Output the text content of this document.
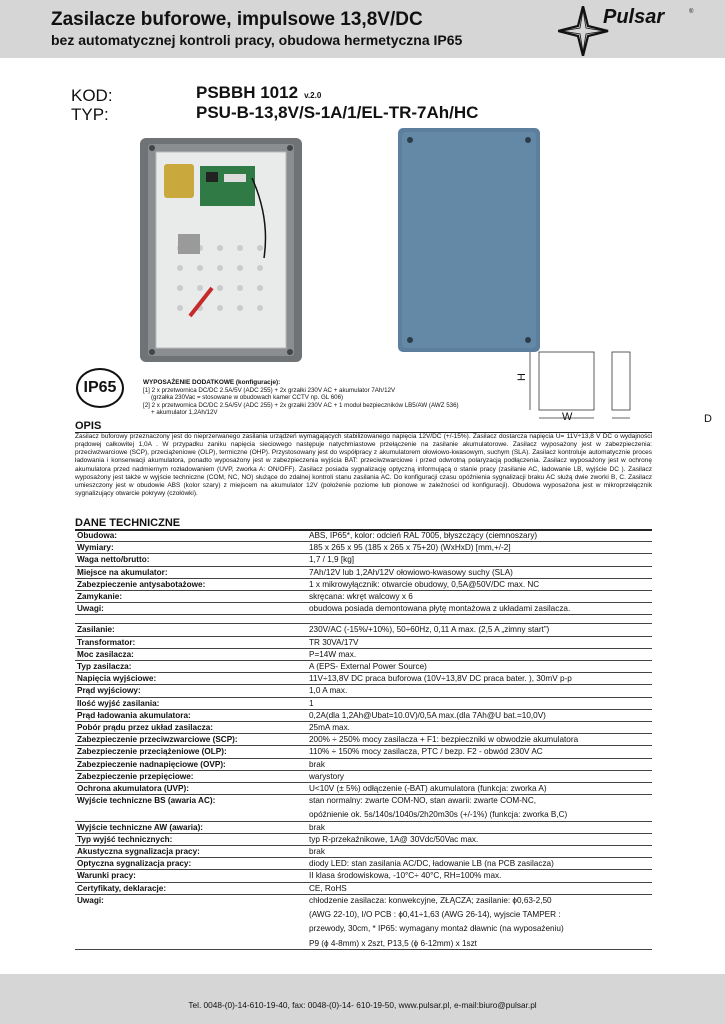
Zasilacze buforowe, impulsowe 13,8V/DC
bez automatycznej kontroli pracy, obudowa hermetyczna IP65
Pulsar	®
KOD:
TYP:
PSBBH 1012 v.2.0
PSU-B-13,8V/S-1A/1/EL-TR-7Ah/HC
H
W	D
IP65	WYPOSAŻENIE DODATKOWE (konfiguracje):
[1] 2 x przetwornica DC/DC 2.5A/5V (ADC 255) + 2x grzałki 230V AC + akumulator 7Ah/12V
(grzałka 230Vac = stosowane w obudowach kamer CCTV np. GL 606)
[2] 2 x przetwornica DC/DC 2.5A/5V (ADC 255) + 2x grzałki 230V AC + 1 moduł bezpieczników LB5/AW (AWZ 536)
+ akumulator 1,2Ah/12V
OPIS
Zasilacz buforowy przeznaczony jest do nieprzerwanego zasilania urządzeń wymagających stabilizowanego napięcia 12V/DC (+/-15%). Zasilacz dostarcza napięcia U= 11V÷13,8 V DC o wydajności prądowej całkowitej 1,0A . W przypadku zaniku napięcia sieciowego następuje natychmiastowe przełączenie na zasilanie akumulatorowe. Zasilacz wyposażony jest w zabezpieczenia: przeciwzwarciowe (SCP), przeciążeniowe (OLP), termiczne (OHP). Przystosowany jest do współpracy z akumulatorem ołowiowo-kwasowym, suchym (SLA). Zasilacz kontroluje automatycznie proces ładowania i konserwacji akumulatora, ponadto wyposażony jest w zabezpieczenia wyjścia BAT: przeciwzwarciowe i przed odwrotną polaryzacją podłączenia. Zasilacz wyposażony jest w ochronę akumulatora przed nadmiernym rozładowaniem (UVP, zworka A: ON/OFF). Zasilacz posiada sygnalizację optyczną informującą o stanie pracy (zasilanie AC, ładowanie LB, wyjście DC ). Zasilacz wyposażony jest także w wyjście techniczne (COM, NC, NO) służące do zdalnej kontroli stanu zasilania AC. Do konfiguracji czasu opóźnienia sygnalizacji braku AC służą dwie zworki B, C. Zasilacz umieszczony jest w obudowie ABS (kolor szary) z miejscem na akumulator 12V (położenie poziome lub pionowe w zależności od konfiguracji). Obudowa wyposażona jest w mikroprzełącznik sygnalizujący otwarcie pokrywy (czołówki).
DANE TECHNICZNE
Obudowa:	ABS, IP65*, kolor: odcień RAL 7005, błyszczący (ciemnoszary)

Wymiary:	185 x 265 x 95 (185 x 265 x 75+20) (WxHxD) [mm,+/-2]

Waga netto/brutto:	1,7 / 1,9 [kg]

Miejsce na akumulator:	7Ah/12V lub 1,2Ah/12V ołowiowo-kwasowy suchy (SLA)

Zabezpieczenie antysabotażowe:	1 x mikrowyłącznik: otwarcie obudowy, 0,5A@50V/DC max. NC

Zamykanie:	skręcana: wkręt walcowy x 6

Uwagi:	obudowa posiada demontowana płytę montażowa z układami zasilacza.

Zasilanie:	230V/AC (-15%/+10%), 50÷60Hz, 0,11 A max. (2,5 A „zimny start”)

Transformator:	TR 30VA/17V

Moc zasilacza:	P=14W max.

Typ zasilacza:	A (EPS- External Power Source)

Napięcia wyjściowe:	11V÷13,8V DC praca buforowa (10V÷13,8V DC praca bater. ), 30mV p-p

Prąd wyjściowy:	1,0 A max.

Ilość wyjść zasilania:	1

Prąd ładowania akumulatora:	0,2A(dla 1,2Ah@Ubat=10.0V)/0,5A max.(dla 7Ah@U bat.=10,0V)

Pobór prądu przez układ zasilacza:	25mA max.

Zabezpieczenie przeciwzwarciowe (SCP):	200% ÷ 250% mocy zasilacza + F1: bezpieczniki w obwodzie akumulatora

Zabezpieczenie przeciążeniowe (OLP):	110% ÷ 150% mocy zasilacza, PTC / bezp. F2 - obwód 230V AC

Zabezpieczenie nadnapięciowe (OVP):	brak

Zabezpieczenie przepięciowe:	warystory

Ochrona akumulatora (UVP):	U<10V (± 5%) odłączenie (-BAT) akumulatora (funkcja: zworka A)

Wyjście techniczne BS (awaria AC):	stan normalny: zwarte COM-NO, stan awarii: zwarte COM-NC,
opóźnienie ok. 5s/140s/1040s/2h20m30s (+/-1%) (funkcja: zworka B,C)

Wyjście techniczne AW (awaria):	brak

Typ wyjść technicznych:	typ R-przekaźnikowe, 1A@ 30Vdc/50Vac max.

Akustyczna sygnalizacja pracy:	brak

Optyczna sygnalizacja pracy:	diody LED: stan zasilania AC/DC, ładowanie LB (na PCB zasilacza)

Warunki pracy:	II klasa środowiskowa, -10°C÷ 40°C, RH=100% max.

Certyfikaty, deklaracje:	CE, RoHS

Uwagi:	chłodzenie zasilacza: konwekcyjne, ZŁĄCZA; zasilanie: ϕ0,63-2,50
(AWG 22-10), I/O PCB : ϕ0,41÷1,63 (AWG 26-14), wyjscie TAMPER :
przewody, 30cm, * IP65: wymagany montaż dławnic (na wyposażeniu)
P9 (ϕ 4-8mm) x 2szt, P13,5 (ϕ 6-12mm) x 1szt
Tel. 0048-(0)-14-610-19-40, fax: 0048-(0)-14- 610-19-50, www.pulsar.pl, e-mail:biuro@pulsar.pl
